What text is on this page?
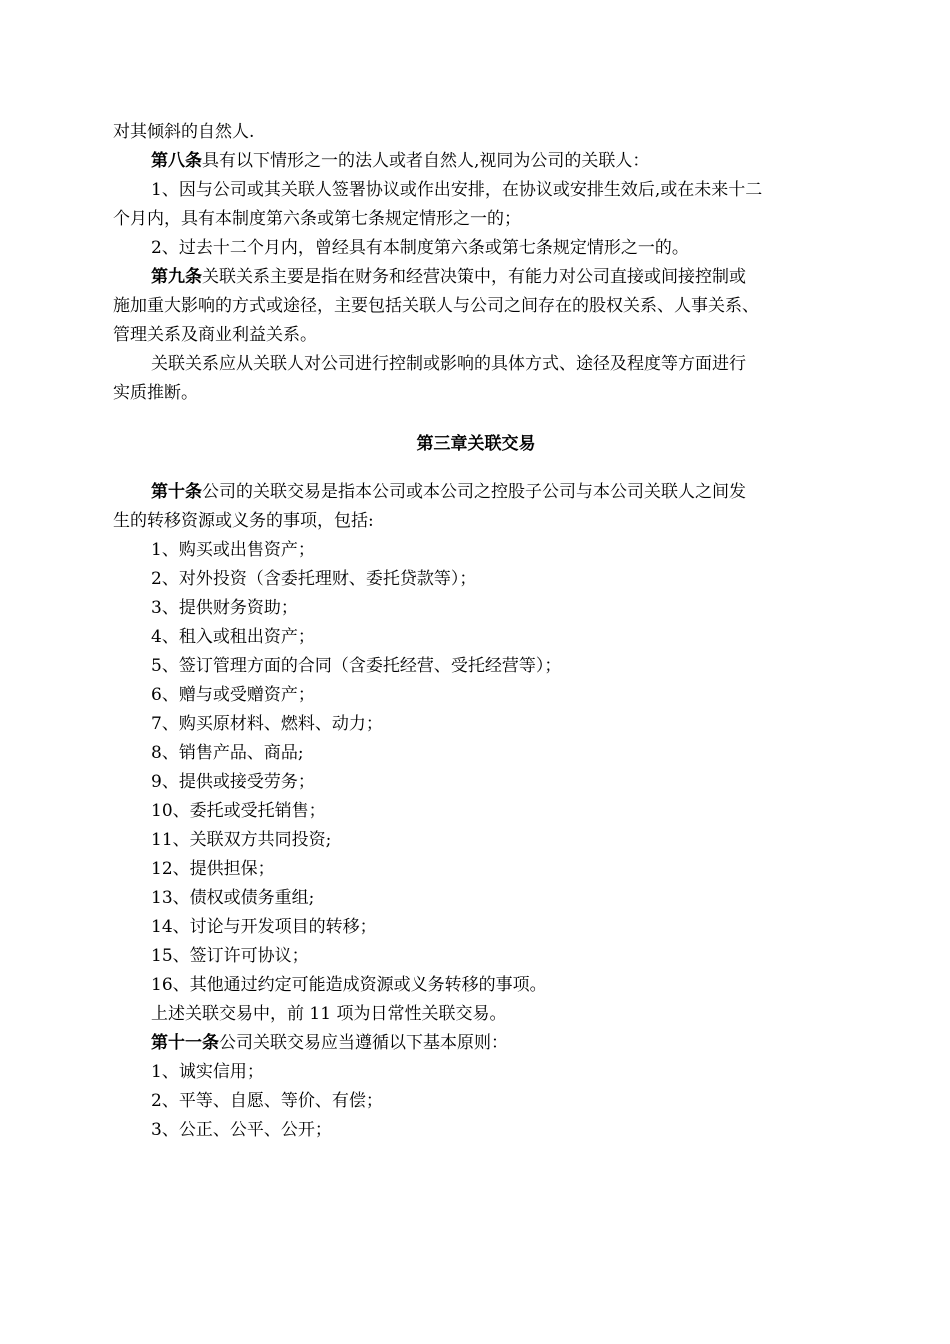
对其倾斜的自然人.
第八条具有以下情形之一的法人或者自然人,视同为公司的关联人：
1、因与公司或其关联人签署协议或作出安排，在协议或安排生效后,或在未来十二
个月内，具有本制度第六条或第七条规定情形之一的；
2、过去十二个月内，曾经具有本制度第六条或第七条规定情形之一的。
第九条关联关系主要是指在财务和经营决策中，有能力对公司直接或间接控制或
施加重大影响的方式或途径，主要包括关联人与公司之间存在的股权关系、人事关系、
管理关系及商业利益关系。
关联关系应从关联人对公司进行控制或影响的具体方式、途径及程度等方面进行
实质推断。
第三章关联交易
第十条公司的关联交易是指本公司或本公司之控股子公司与本公司关联人之间发
生的转移资源或义务的事项，包括:
1、购买或出售资产；
2、对外投资（含委托理财、委托贷款等）；
3、提供财务资助；
4、租入或租出资产；
5、签订管理方面的合同（含委托经营、受托经营等）；
6、赠与或受赠资产；
7、购买原材料、燃料、动力；
8、销售产品、商品;
9、提供或接受劳务；
10、委托或受托销售；
11、关联双方共同投资;
12、提供担保；
13、债权或债务重组;
14、讨论与开发项目的转移；
15、签订许可协议；
16、其他通过约定可能造成资源或义务转移的事项。
上述关联交易中，前 11 项为日常性关联交易。
第十一条公司关联交易应当遵循以下基本原则：
1、诚实信用；
2、平等、自愿、等价、有偿；
3、公正、公平、公开；
